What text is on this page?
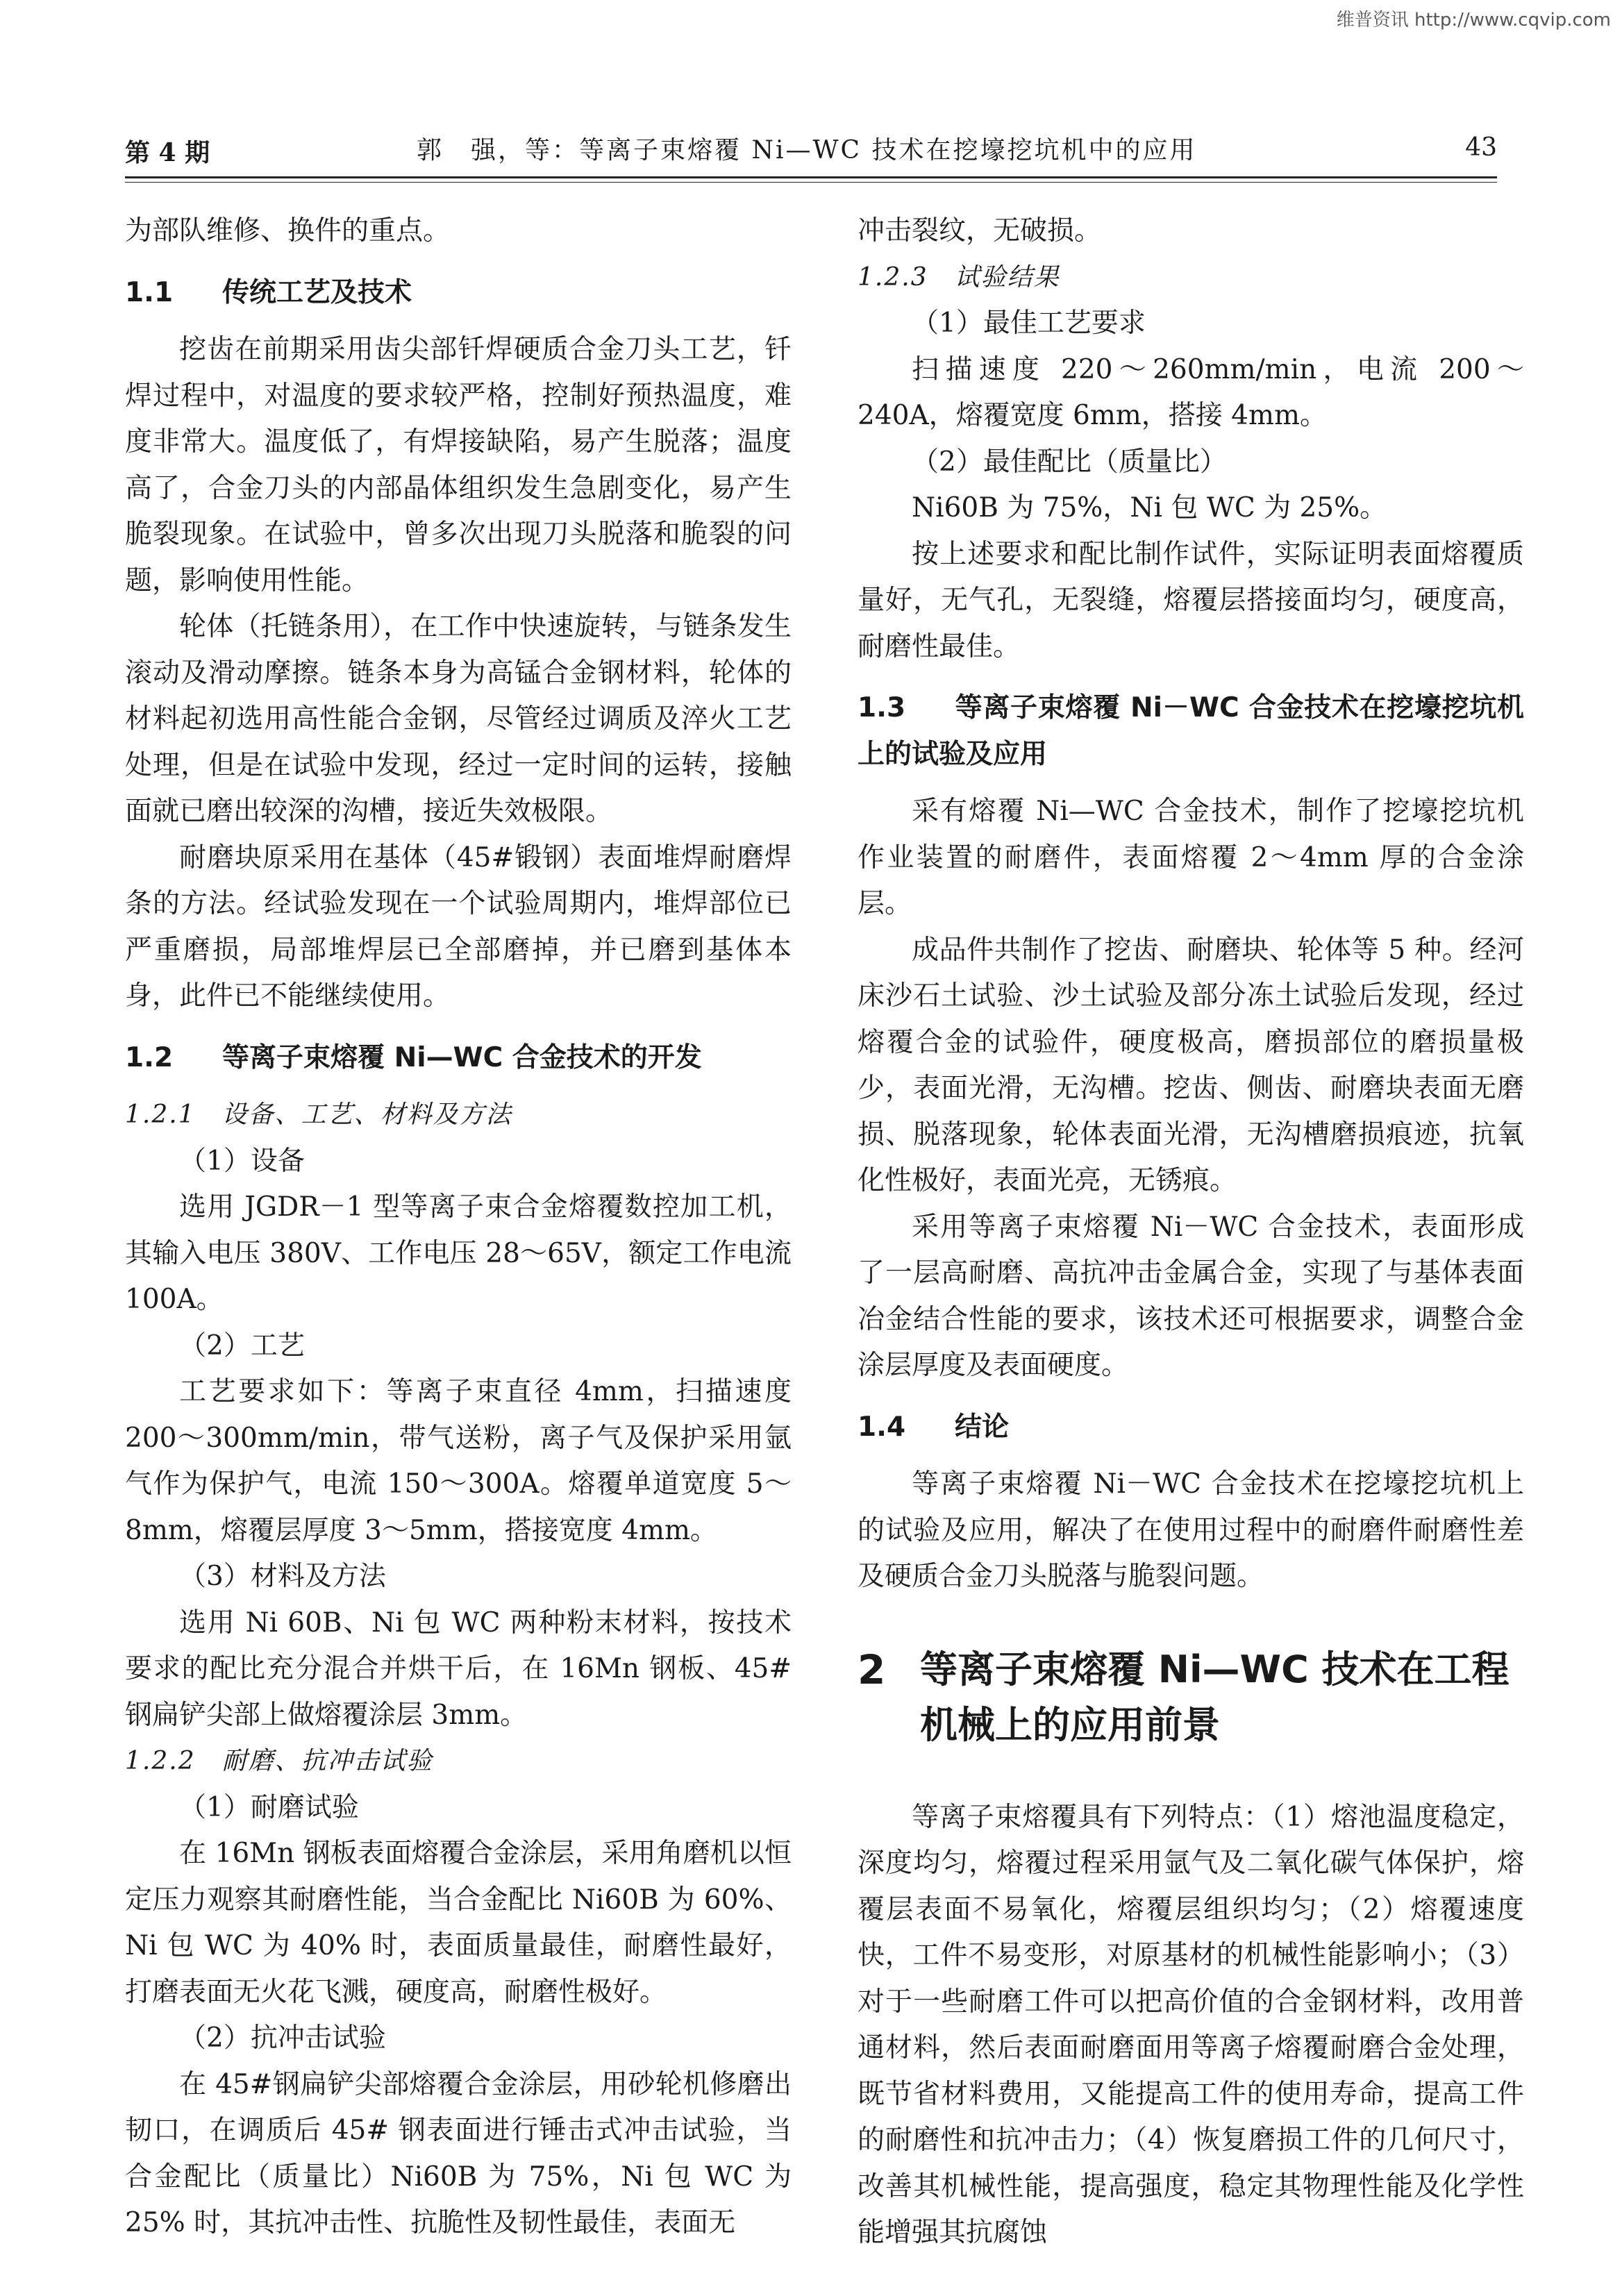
维普资讯 http://www.cqvip.com
第 4 期	郭　强，等：等离子束熔覆 Ni—WC 技术在挖壕挖坑机中的应用	43

为部队维修、换件的重点。

1.1 传统工艺及技术

挖齿在前期采用齿尖部钎焊硬质合金刀头工艺，钎焊过程中，对温度的要求较严格，控制好预热温度，难度非常大。温度低了，有焊接缺陷，易产生脱落；温度高了，合金刀头的内部晶体组织发生急剧变化，易产生脆裂现象。在试验中，曾多次出现刀头脱落和脆裂的问题，影响使用性能。

轮体（托链条用），在工作中快速旋转，与链条发生滚动及滑动摩擦。链条本身为高锰合金钢材料，轮体的材料起初选用高性能合金钢，尽管经过调质及淬火工艺处理，但是在试验中发现，经过一定时间的运转，接触面就已磨出较深的沟槽，接近失效极限。

耐磨块原采用在基体（45#锻钢）表面堆焊耐磨焊条的方法。经试验发现在一个试验周期内，堆焊部位已严重磨损，局部堆焊层已全部磨掉，并已磨到基体本身，此件已不能继续使用。

1.2 等离子束熔覆 Ni—WC 合金技术的开发

1.2.1　设备、工艺、材料及方法

（1）设备

选用 JGDR－1 型等离子束合金熔覆数控加工机，其输入电压 380V、工作电压 28～65V，额定工作电流 100A。

（2）工艺

工艺要求如下：等离子束直径 4mm，扫描速度 200～300mm/min，带气送粉，离子气及保护采用氩气作为保护气，电流 150～300A。熔覆单道宽度 5～8mm，熔覆层厚度 3～5mm，搭接宽度 4mm。

（3）材料及方法

选用 Ni 60B、Ni 包 WC 两种粉末材料，按技术要求的配比充分混合并烘干后，在 16Mn 钢板、45#钢扁铲尖部上做熔覆涂层 3mm。

1.2.2　耐磨、抗冲击试验

（1）耐磨试验

在 16Mn 钢板表面熔覆合金涂层，采用角磨机以恒定压力观察其耐磨性能，当合金配比 Ni60B 为 60%、Ni 包 WC 为 40% 时，表面质量最佳，耐磨性最好，打磨表面无火花飞溅，硬度高，耐磨性极好。

（2）抗冲击试验

在 45#钢扁铲尖部熔覆合金涂层，用砂轮机修磨出韧口，在调质后 45# 钢表面进行锤击式冲击试验，当合金配比（质量比）Ni60B 为 75%，Ni 包 WC 为 25% 时，其抗冲击性、抗脆性及韧性最佳，表面无

冲击裂纹，无破损。

1.2.3　试验结果

（1）最佳工艺要求

扫描速度 220～260mm/min，电流 200～240A，熔覆宽度 6mm，搭接 4mm。

（2）最佳配比（质量比）

Ni60B 为 75%，Ni 包 WC 为 25%。

按上述要求和配比制作试件，实际证明表面熔覆质量好，无气孔，无裂缝，熔覆层搭接面均匀，硬度高，耐磨性最佳。

1.3 等离子束熔覆 Ni－WC 合金技术在挖壕挖坑机上的试验及应用

采有熔覆 Ni—WC 合金技术，制作了挖壕挖坑机作业装置的耐磨件，表面熔覆 2～4mm 厚的合金涂层。

成品件共制作了挖齿、耐磨块、轮体等 5 种。经河床沙石土试验、沙土试验及部分冻土试验后发现，经过熔覆合金的试验件，硬度极高，磨损部位的磨损量极少，表面光滑，无沟槽。挖齿、侧齿、耐磨块表面无磨损、脱落现象，轮体表面光滑，无沟槽磨损痕迹，抗氧化性极好，表面光亮，无锈痕。

采用等离子束熔覆 Ni－WC 合金技术，表面形成了一层高耐磨、高抗冲击金属合金，实现了与基体表面冶金结合性能的要求，该技术还可根据要求，调整合金涂层厚度及表面硬度。

1.4 结论

等离子束熔覆 Ni－WC 合金技术在挖壕挖坑机上的试验及应用，解决了在使用过程中的耐磨件耐磨性差及硬质合金刀头脱落与脆裂问题。

2 等离子束熔覆 Ni—WC 技术在工程机械上的应用前景

等离子束熔覆具有下列特点：（1）熔池温度稳定，深度均匀，熔覆过程采用氩气及二氧化碳气体保护，熔覆层表面不易氧化，熔覆层组织均匀；（2）熔覆速度快，工件不易变形，对原基材的机械性能影响小；（3）对于一些耐磨工件可以把高价值的合金钢材料，改用普通材料，然后表面耐磨面用等离子熔覆耐磨合金处理，既节省材料费用，又能提高工件的使用寿命，提高工件的耐磨性和抗冲击力；（4）恢复磨损工件的几何尺寸，改善其机械性能，提高强度，稳定其物理性能及化学性能增强其抗腐蚀
